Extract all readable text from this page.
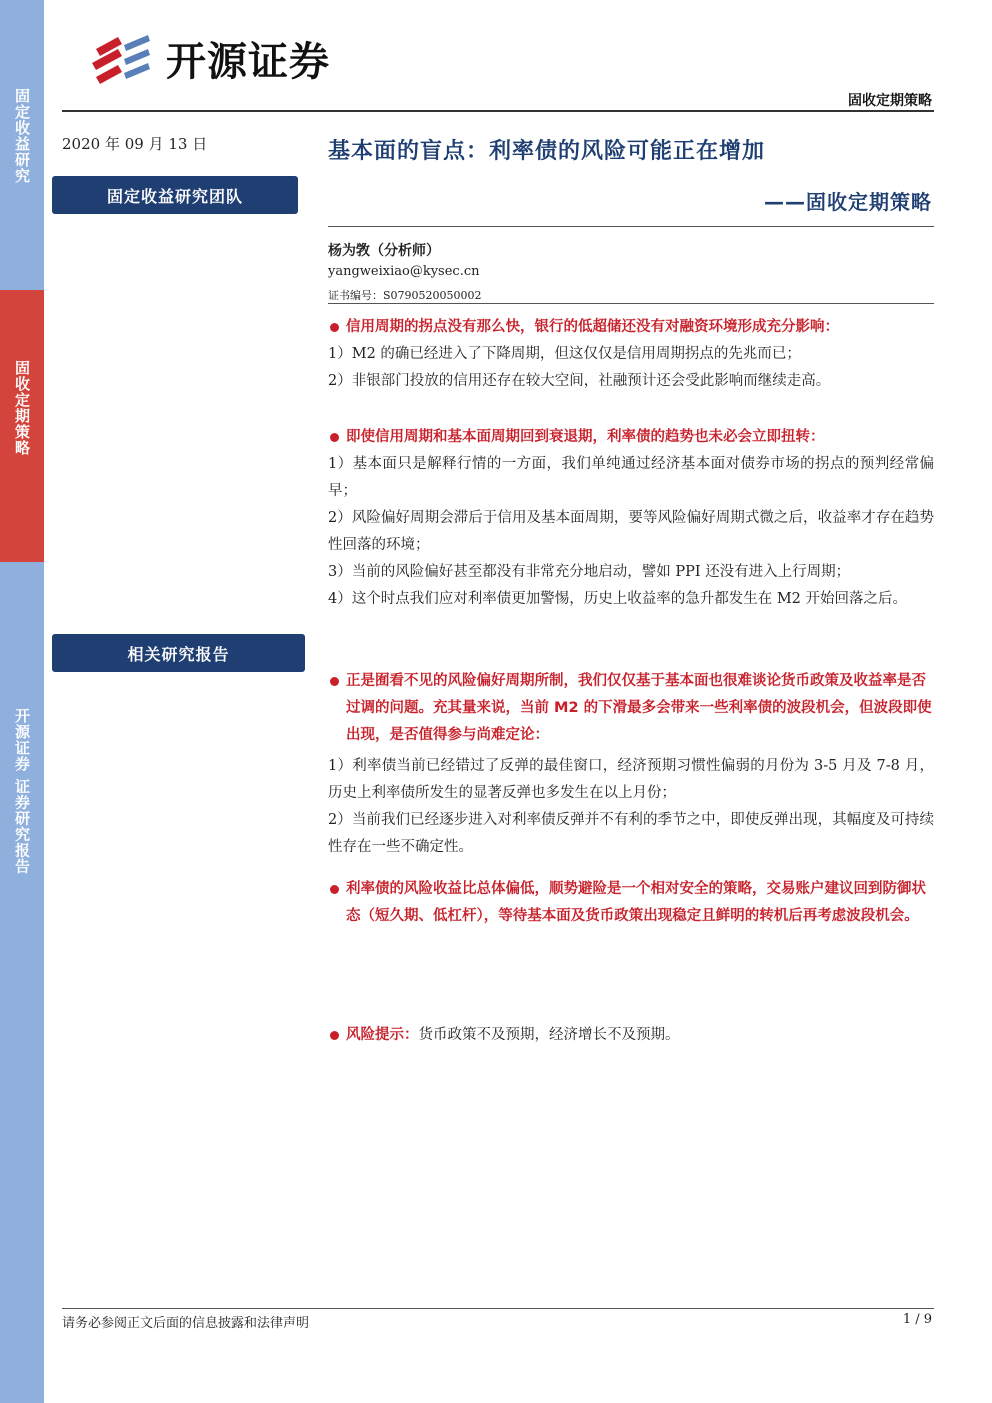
固定收益研究
固收定期策略
开源证券 证券研究报告
开源证券
固收定期策略
2020 年 09 月 13 日
固定收益研究团队
相关研究报告
基本面的盲点：利率债的风险可能正在增加
——固收定期策略
杨为敩（分析师）
yangweixiao@kysec.cn
证书编号：S0790520050002
信用周期的拐点没有那么快，银行的低超储还没有对融资环境形成充分影响：
1）M2 的确已经进入了下降周期，但这仅仅是信用周期拐点的先兆而已；
2）非银部门投放的信用还存在较大空间，社融预计还会受此影响而继续走高。
即使信用周期和基本面周期回到衰退期，利率债的趋势也未必会立即扭转：
1）基本面只是解释行情的一方面，我们单纯通过经济基本面对债券市场的拐点的预判经常偏早；
2）风险偏好周期会滞后于信用及基本面周期，要等风险偏好周期式微之后，收益率才存在趋势性回落的环境；
3）当前的风险偏好甚至都没有非常充分地启动，譬如 PPI 还没有进入上行周期；
4）这个时点我们应对利率债更加警惕，历史上收益率的急升都发生在 M2 开始回落之后。
正是囿看不见的风险偏好周期所制，我们仅仅基于基本面也很难谈论货币政策及收益率是否过调的问题。充其量来说，当前 M2 的下滑最多会带来一些利率债的波段机会，但波段即使出现，是否值得参与尚难定论：
1）利率债当前已经错过了反弹的最佳窗口，经济预期习惯性偏弱的月份为 3-5 月及 7-8 月，历史上利率债所发生的显著反弹也多发生在以上月份；
2）当前我们已经逐步进入对利率债反弹并不有利的季节之中，即使反弹出现，其幅度及可持续性存在一些不确定性。
利率债的风险收益比总体偏低，顺势避险是一个相对安全的策略，交易账户建议回到防御状态（短久期、低杠杆），等待基本面及货币政策出现稳定且鲜明的转机后再考虑波段机会。
风险提示：货币政策不及预期，经济增长不及预期。
请务必参阅正文后面的信息披露和法律声明	1 / 9
